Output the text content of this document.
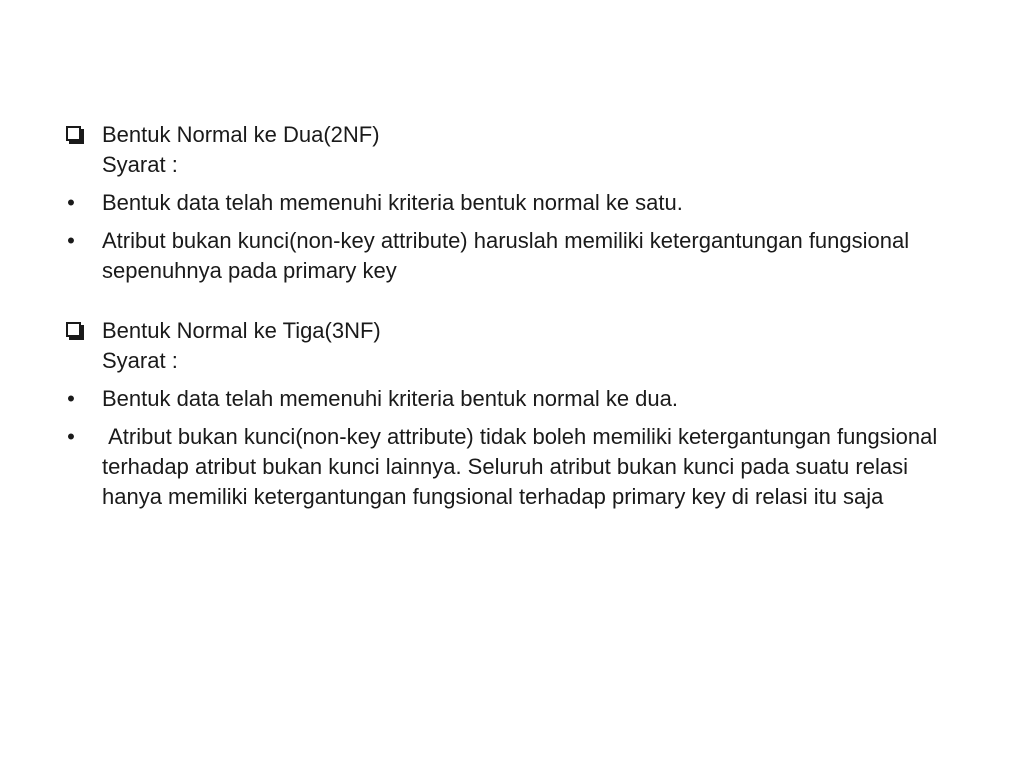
Bentuk Normal ke Dua(2NF)
Syarat :
• Bentuk data telah memenuhi kriteria bentuk normal ke satu.
• Atribut bukan kunci(non-key attribute) haruslah memiliki ketergantungan fungsional sepenuhnya pada primary key
Bentuk Normal ke Tiga(3NF)
Syarat :
• Bentuk data telah memenuhi kriteria bentuk normal ke dua.
• Atribut bukan kunci(non-key attribute) tidak boleh memiliki ketergantungan fungsional terhadap atribut bukan kunci lainnya. Seluruh atribut bukan kunci pada suatu relasi hanya memiliki ketergantungan fungsional terhadap primary key di relasi itu saja
